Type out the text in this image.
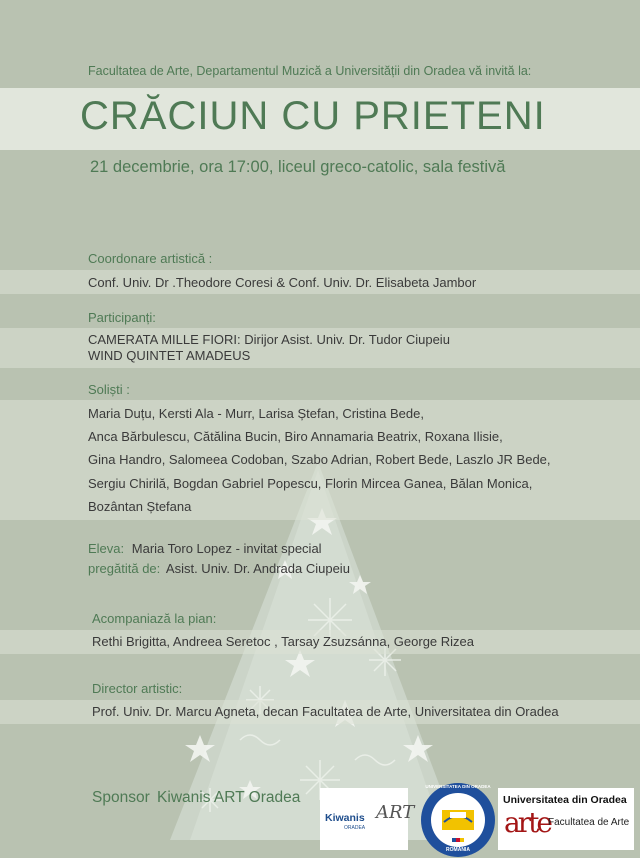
Facultatea de Arte, Departamentul Muzică a Universității din Oradea vă invită la:
CRĂCIUN CU PRIETENI
21 decembrie, ora 17:00, liceul greco-catolic, sala festivă
Coordonare artistică :
Conf. Univ. Dr .Theodore Coresi & Conf. Univ. Dr. Elisabeta Jambor
Participanți:
CAMERATA MILLE FIORI: Dirijor Asist. Univ. Dr. Tudor Ciupeiu
WIND QUINTET AMADEUS
Soliști :
Maria Duțu, Kersti Ala - Murr, Larisa Ștefan, Cristina Bede,
Anca Bărbulescu, Cătălina Bucin, Biro Annamaria Beatrix, Roxana Ilisie,
Gina Handro, Salomeea Codoban, Szabo Adrian, Robert Bede, Laszlo JR Bede,
Sergiu Chirilă, Bogdan Gabriel Popescu, Florin Mircea Ganea, Bălan Monica,
Bozântan Ștefana
Eleva: Maria Toro Lopez - invitat special
pregătită de: Asist. Univ. Dr. Andrada Ciupeiu
Acompaniază la pian:
Rethi Brigitta, Andreea Seretoc , Tarsay Zsuzsánna, George Rizea
Director artistic:
Prof. Univ. Dr. Marcu Agneta, decan Facultatea de Arte, Universitatea din Oradea
Sponsor Kiwanis ART Oradea
Kiwanis
ORADEA
ART
UNIVERSITATEA DIN ORADEA
ROMÂNIA
Universitatea din Oradea
arte
Facultatea de Arte
